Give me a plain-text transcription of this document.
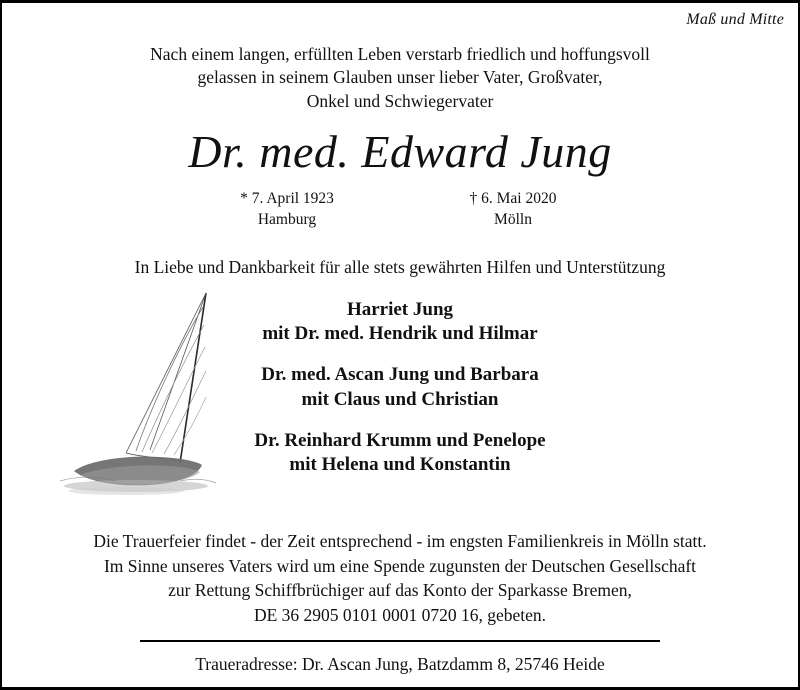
Maß und Mitte
Nach einem langen, erfüllten Leben verstarb friedlich und hoffungsvoll
gelassen in seinem Glauben unser lieber Vater, Großvater,
Onkel und Schwiegervater
Dr. med. Edward Jung
* 7. April 1923
Hamburg
† 6. Mai 2020
Mölln
In Liebe und Dankbarkeit für alle stets gewährten Hilfen und Unterstützung
Harriet Jung
mit Dr. med. Hendrik und Hilmar
Dr. med. Ascan Jung und Barbara
mit Claus und Christian
Dr. Reinhard Krumm und Penelope
mit Helena und Konstantin
Die Trauerfeier findet - der Zeit entsprechend - im engsten Familienkreis in Mölln statt.
Im Sinne unseres Vaters wird um eine Spende zugunsten der Deutschen Gesellschaft
zur Rettung Schiffbrüchiger auf das Konto der Sparkasse Bremen,
DE 36 2905 0101 0001 0720 16, gebeten.
Traueradresse: Dr. Ascan Jung, Batzdamm 8, 25746 Heide
